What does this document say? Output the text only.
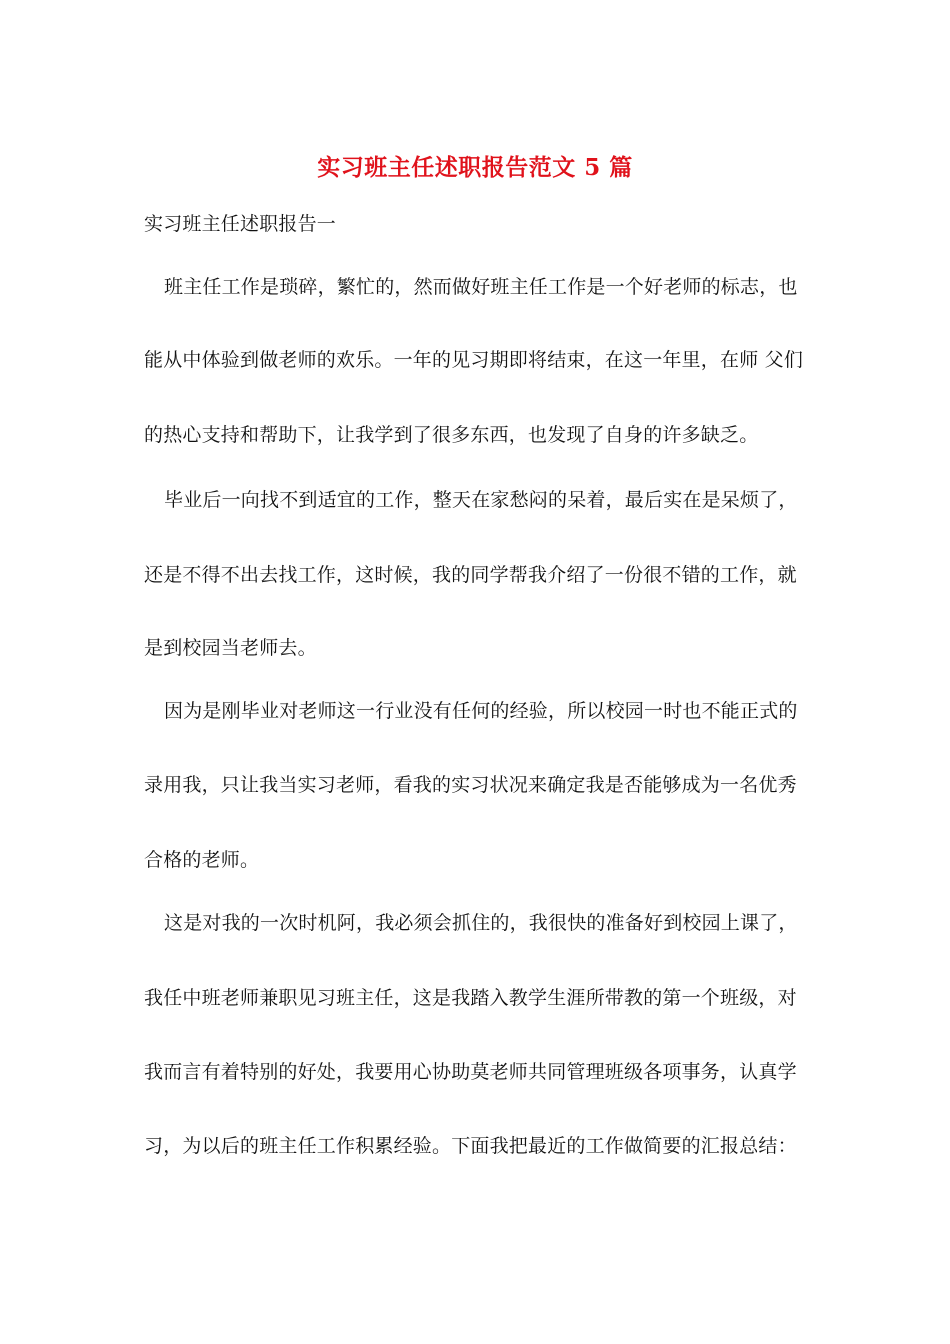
实习班主任述职报告范文 5 篇
实习班主任述职报告一
班主任工作是琐碎，繁忙的，然而做好班主任工作是一个好老师的标志，也
能从中体验到做老师的欢乐。一年的见习期即将结束，在这一年里，在师 父们
的热心支持和帮助下，让我学到了很多东西，也发现了自身的许多缺乏。
毕业后一向找不到适宜的工作，整天在家愁闷的呆着，最后实在是呆烦了，
还是不得不出去找工作，这时候，我的同学帮我介绍了一份很不错的工作，就
是到校园当老师去。
因为是刚毕业对老师这一行业没有任何的经验，所以校园一时也不能正式的
录用我，只让我当实习老师，看我的实习状况来确定我是否能够成为一名优秀
合格的老师。
这是对我的一次时机阿，我必须会抓住的，我很快的准备好到校园上课了，
我任中班老师兼职见习班主任，这是我踏入教学生涯所带教的第一个班级，对
我而言有着特别的好处，我要用心协助莫老师共同管理班级各项事务，认真学
习，为以后的班主任工作积累经验。下面我把最近的工作做简要的汇报总结：
